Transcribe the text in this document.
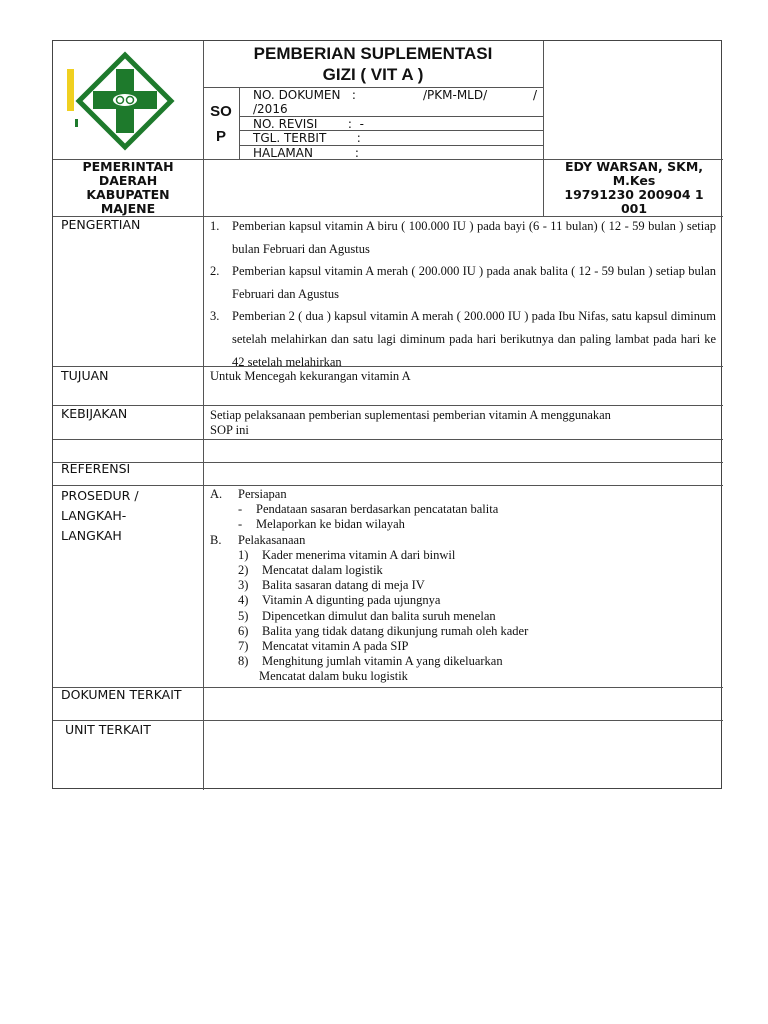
PEMBERIAN SUPLEMENTASI
GIZI ( VIT A )
SO
P
NO. DOKUMEN   :	/PKM-MLD/	/
/2016
NO. REVISI        :  -
TGL. TERBIT        :
HALAMAN           :
PEMERINTAH
DAERAH
KABUPATEN
MAJENE
EDY WARSAN, SKM,
M.Kes
19791230 200904 1
001
PENGERTIAN	1. Pemberian kapsul vitamin A biru ( 100.000 IU ) pada bayi (6 - 11 bulan) ( 12 - 59 bulan ) setiap bulan Februari dan Agustus
2. Pemberian kapsul vitamin A merah ( 200.000 IU ) pada anak balita ( 12 - 59 bulan ) setiap bulan Februari dan Agustus
3. Pemberian 2 ( dua ) kapsul vitamin A merah ( 200.000 IU ) pada Ibu Nifas, satu kapsul diminum setelah melahirkan dan satu lagi diminum pada hari berikutnya dan paling lambat pada hari ke 42 setelah melahirkan
TUJUAN	Untuk Mencegah kekurangan vitamin A
KEBIJAKAN	Setiap pelaksanaan pemberian suplementasi pemberian vitamin A menggunakan
SOP ini
REFERENSI
PROSEDUR /
LANGKAH-
LANGKAH
A. Persiapan
- Pendataan sasaran berdasarkan pencatatan balita
- Melaporkan ke bidan wilayah
B. Pelakasanaan
1) Kader menerima vitamin A dari binwil
2) Mencatat dalam logistik
3) Balita sasaran datang di meja IV
4) Vitamin A digunting pada ujungnya
5) Dipencetkan dimulut dan balita suruh menelan
6) Balita yang tidak datang dikunjung rumah oleh kader
7) Mencatat vitamin A pada SIP
8) Menghitung jumlah vitamin A yang dikeluarkan
Mencatat dalam buku logistik
DOKUMEN TERKAIT
UNIT TERKAIT
